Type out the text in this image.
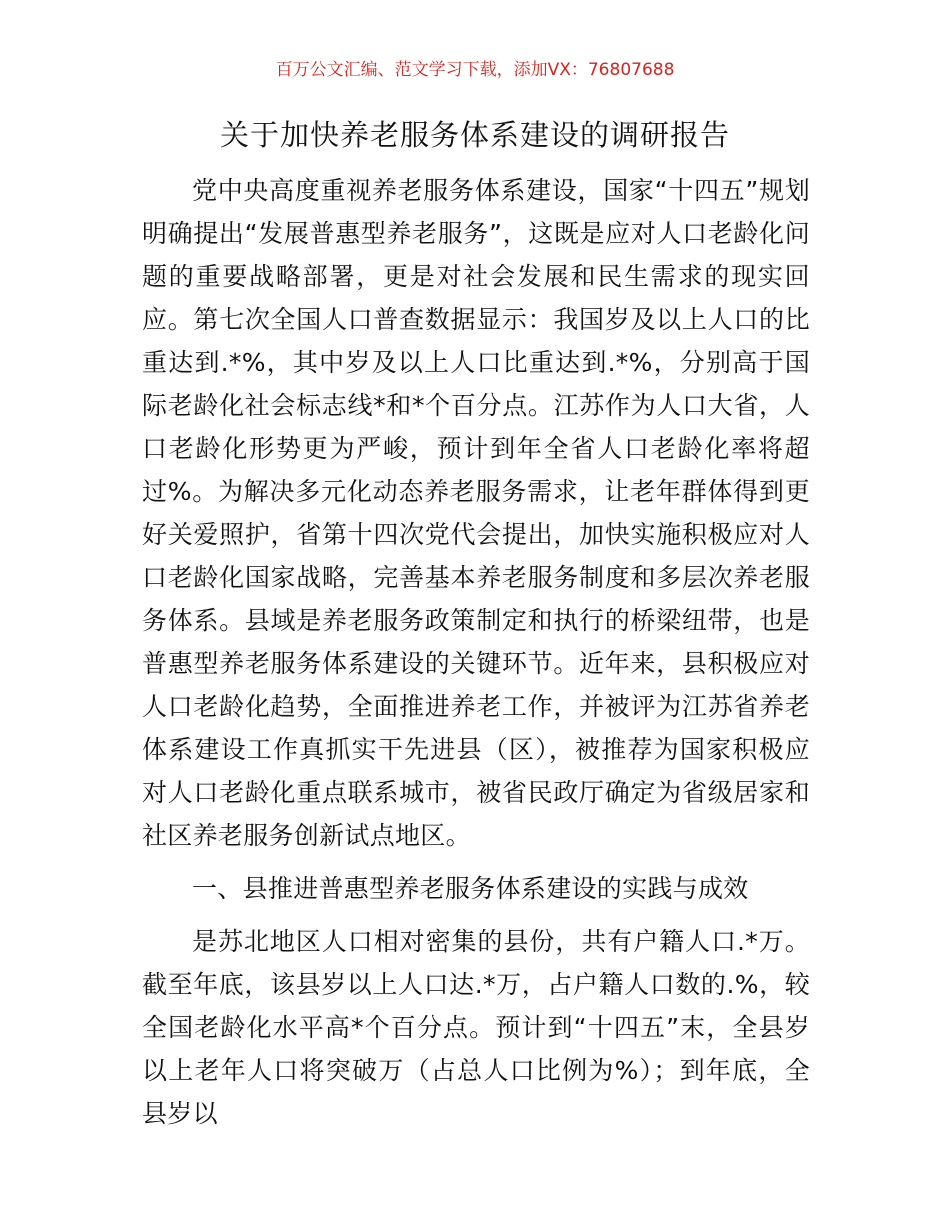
百万公文汇编、范文学习下载，添加VX：76807688
关于加快养老服务体系建设的调研报告

党中央高度重视养老服务体系建设，国家“十四五”规划明确提出“发展普惠型养老服务”，这既是应对人口老龄化问题的重要战略部署，更是对社会发展和民生需求的现实回应。第七次全国人口普查数据显示：我国岁及以上人口的比重达到.*%，其中岁及以上人口比重达到.*%，分别高于国际老龄化社会标志线*和*个百分点。江苏作为人口大省，人口老龄化形势更为严峻，预计到年全省人口老龄化率将超过%。为解决多元化动态养老服务需求，让老年群体得到更好关爱照护，省第十四次党代会提出，加快实施积极应对人口老龄化国家战略，完善基本养老服务制度和多层次养老服务体系。县域是养老服务政策制定和执行的桥梁纽带，也是普惠型养老服务体系建设的关键环节。近年来，县积极应对人口老龄化趋势，全面推进养老工作，并被评为江苏省养老体系建设工作真抓实干先进县（区），被推荐为国家积极应对人口老龄化重点联系城市，被省民政厅确定为省级居家和社区养老服务创新试点地区。

一、县推进普惠型养老服务体系建设的实践与成效

是苏北地区人口相对密集的县份，共有户籍人口.*万。截至年底，该县岁以上人口达.*万，占户籍人口数的.%，较全国老龄化水平高*个百分点。预计到“十四五”末，全县岁以上老年人口将突破万（占总人口比例为%）；到年底，全县岁以
